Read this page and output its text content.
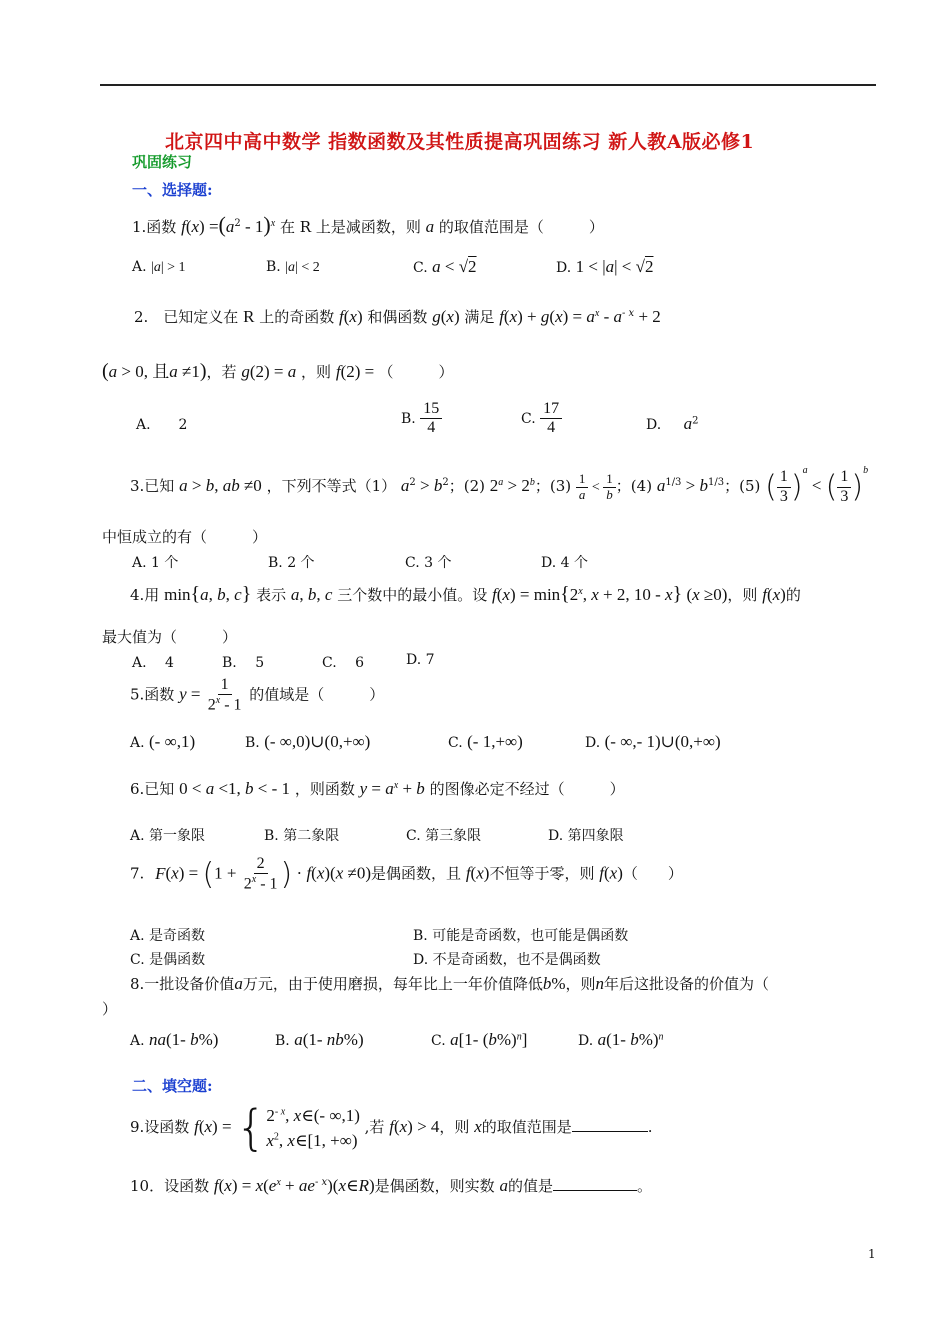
北京四中高中数学 指数函数及其性质提高巩固练习 新人教A版必修1
巩固练习
一、选择题:
1.函数 $f(x) =(a^2 - 1)^x$ 在 R 上是减函数，则 a 的取值范围是（　　　）
A. |a| > 1	B. |a| < 2	C. a < √2	D. 1 < |a| < √2
2.　已知定义在 R 上的奇函数 f(x) 和偶函数 g(x) 满足 $f(x) + g(x) = a^x - a^{- x} + 2$
(a > 0, 且a ≠1)，若 g(2) = a ，则 f(2) = （　　　）
A.　　2	B. $\frac{15}{4}$	C. $\frac{17}{4}$	D. $a^2$
3.已知 a > b, ab ≠0 ，下列不等式（1） $a^2 > b^2$；(2) $2^a > 2^b$；$(3) \frac{1}{a} < \frac{1}{b}$ ；(4) $a^{1/3} > b^{1/3}$；(5) ( $\frac{1}{3} )^a$ < ( $\frac{1}{3} )^b$
中恒成立的有（　　　）
A. 1 个	B. 2 个	C. 3 个	D. 4 个
4.用 min{a, b, c} 表示 a, b, c 三个数中的最小值。设 $f(x) = \min\{2^x$, x + 2, 10 - x} (x ≥0)，则 f(x)的
最大值为（　　　）
A.　 4	B.　 5	C.　 6	D. 7
5.函数 $y = \frac{1}{2^x - 1}$ 的值域是（　　　）
A. (- ∞,1)	B. (- ∞,0)∪(0,+∞)	C. (- 1,+∞)	D. (- ∞,- 1)∪(0,+∞)
6.已知 0 < a <1, b < - 1 ，则函数 $y = a^x + b$ 的图像必定不经过（　　　）
A. 第一象限	B. 第二象限	C. 第三象限	D. 第四象限
7. $F(x) = (1 + \frac{2}{2^x - 1}$ ) · f(x)(x ≠0)是偶函数，且 f(x)不恒等于零，则 f(x)（　　）
A. 是奇函数	B. 可能是奇函数，也可能是偶函数
C. 是偶函数	D. 不是奇函数，也不是偶函数
8.一批设备价值a万元，由于使用磨损，每年比上一年价值降低b%，则n年后这批设备的价值为（
）
A. na(1- b%)	B. a(1- nb%)	C. a[1- $(b\%)^n$]	D. a(1- b%)$^n$
二、填空题:
9.设函数 f(x) = { $2^{- x}$, x∈(- ∞,1)
$x^2$, x∈[1, +∞)
,若 f(x) > 4，则 x的取值范围是	.
10．设函数 $f(x) = x(e^x$ + $ae^{- x})(x\in R)$是偶函数，则实数 a的值是	。
1
